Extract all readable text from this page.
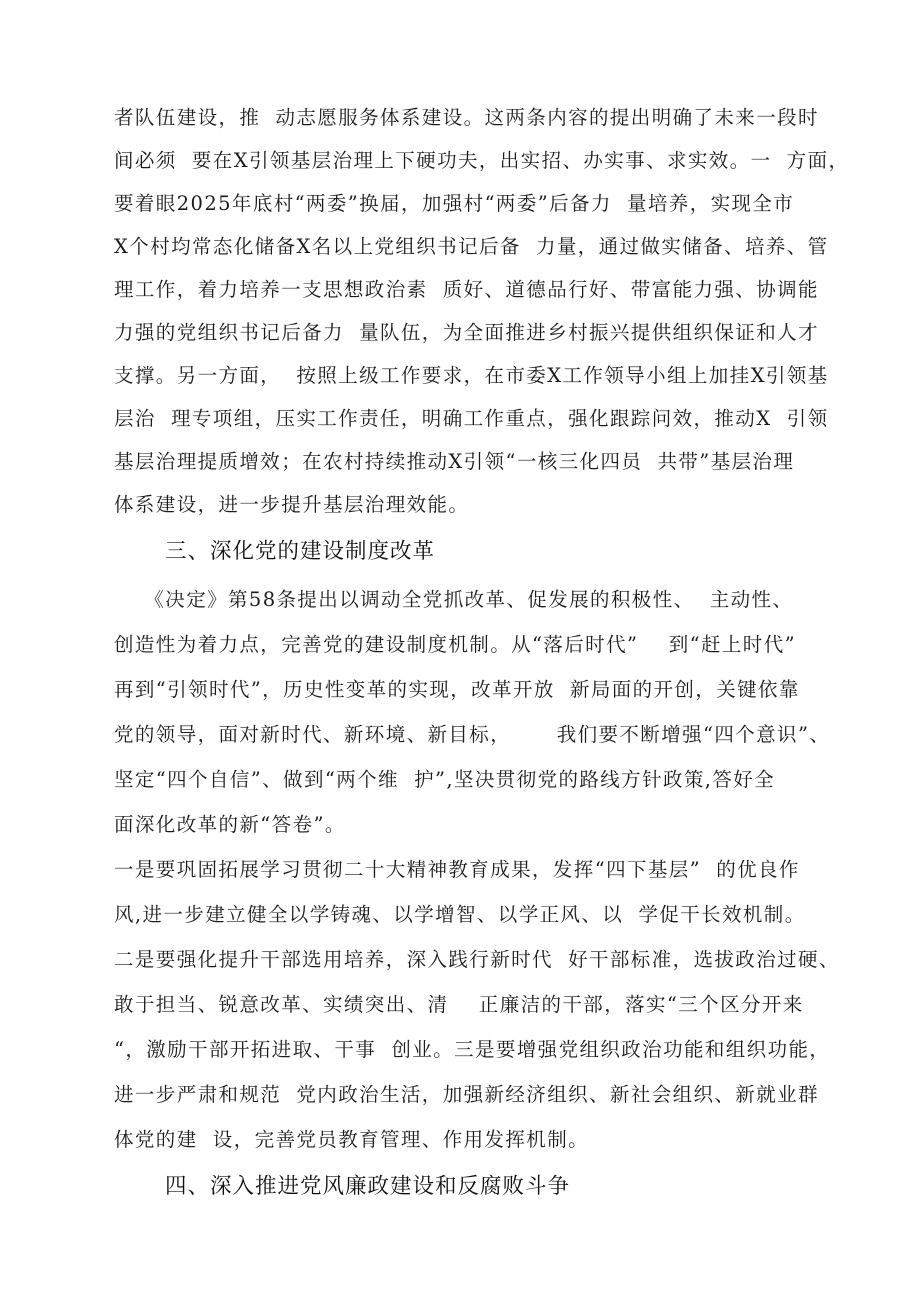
者队伍建设，推  动志愿服务体系建设。这两条内容的提出明确了未来一段时
间必须  要在X引领基层治理上下硬功夫，出实招、办实事、求实效。一  方面，
要着眼2025年底村“两委”换届，加强村“两委”后备力  量培养，实现全市
X个村均常态化储备X名以上党组织书记后备  力量，通过做实储备、培养、管
理工作，着力培养一支思想政治素  质好、道德品行好、带富能力强、协调能
力强的党组织书记后备力  量队伍，为全面推进乡村振兴提供组织保证和人才
支撑。另一方面，  按照上级工作要求，在市委X工作领导小组上加挂X引领基
层治  理专项组，压实工作责任，明确工作重点，强化跟踪问效，推动X  引领
基层治理提质增效；在农村持续推动X引领“一核三化四员  共带”基层治理
体系建设，进一步提升基层治理效能。
三、深化党的建设制度改革
《决定》第58条提出以调动全党抓改革、促发展的积极性、  主动性、
创造性为着力点，完善党的建设制度机制。从“落后时代”    到“赶上时代”
再到“引领时代”，历史性变革的实现，改革开放  新局面的开创，关键依靠
党的领导，面对新时代、新环境、新目标，      我们要不断增强“四个意识”、
坚定“四个自信”、做到“两个维  护”,坚决贯彻党的路线方针政策,答好全
面深化改革的新“答卷”。
一是要巩固拓展学习贯彻二十大精神教育成果，发挥“四下基层”  的优良作
风,进一步建立健全以学铸魂、以学增智、以学正风、以  学促干长效机制。
二是要强化提升干部选用培养，深入践行新时代  好干部标准，选拔政治过硬、
敢于担当、锐意改革、实绩突出、清    正廉洁的干部，落实“三个区分开来
“，激励干部开拓进取、干事  创业。三是要增强党组织政治功能和组织功能，
进一步严肃和规范  党内政治生活，加强新经济组织、新社会组织、新就业群
体党的建  设，完善党员教育管理、作用发挥机制。
四、深入推进党风廉政建设和反腐败斗争
